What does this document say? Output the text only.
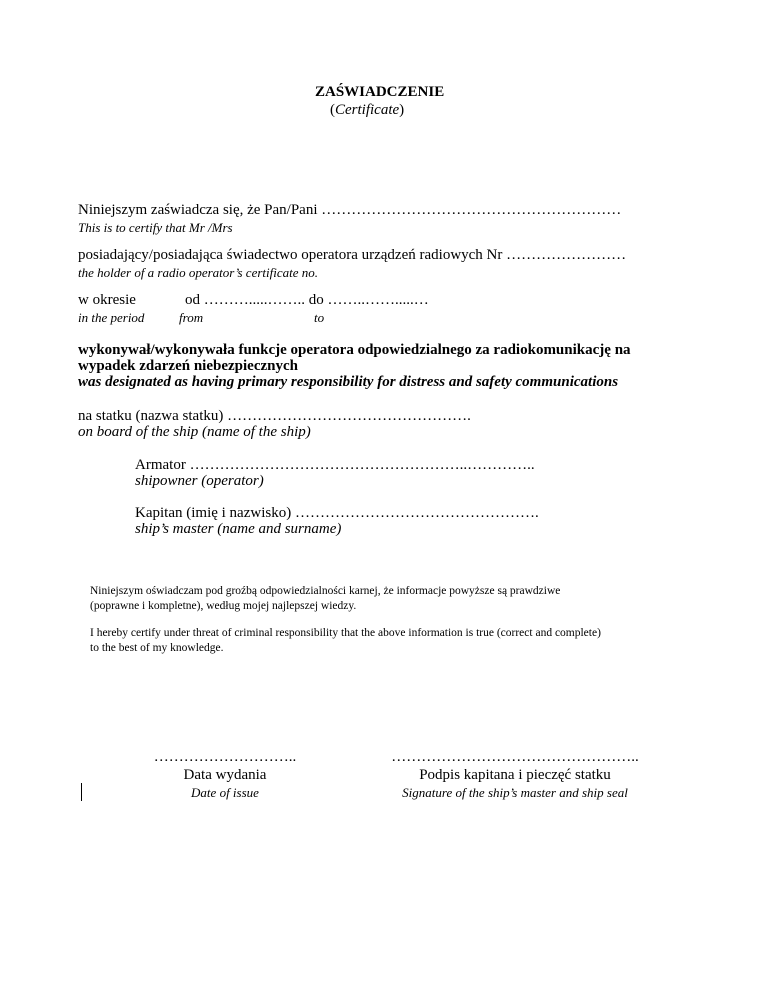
ZAŚWIADCZENIE
(Certificate)
Niniejszym zaświadcza się, że Pan/Pani ……………………………………………………
This is to certify that Mr /Mrs
posiadający/posiadająca świadectwo operatora urządzeń radiowych Nr ……………………
the holder of a radio operator’s certificate no.
w okresie	od ……….....…….. do ……..…….....…
in the period	from	to
wykonywał/wykonywała funkcje operatora odpowiedzialnego za radiokomunikację na
wypadek zdarzeń niebezpiecznych
was designated as having primary responsibility for distress and safety communications
na statku (nazwa statku) ………………………………………….
on board of the ship (name of the ship)
Armator ………………………………………………..…………..
shipowner (operator)
Kapitan (imię i nazwisko) ………………………………………….
ship’s master (name and surname)
Niniejszym oświadczam pod groźbą odpowiedzialności karnej, że informacje powyższe są prawdziwe
(poprawne i kompletne), według mojej najlepszej wiedzy.
I hereby certify under threat of criminal responsibility that the above information is true (correct and complete)
to the best of my knowledge.
………………………..
Data wydania
Date of issue
…………………………………………..
Podpis kapitana i pieczęć statku
Signature of the ship’s master and ship seal
